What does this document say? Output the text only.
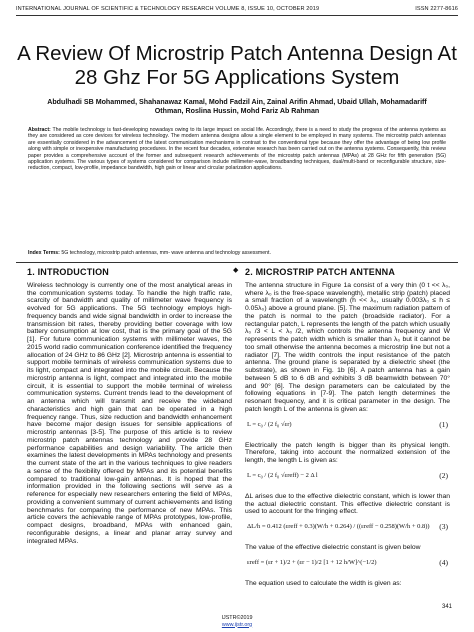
INTERNATIONAL JOURNAL OF SCIENTIFIC & TECHNOLOGY RESEARCH VOLUME 8, ISSUE 10, OCTOBER 2019	ISSN 2277-8616
A Review Of Microstrip Patch Antenna Design At
28 Ghz For 5G Applications System
Abdulhadi SB Mohammed, Shahanawaz Kamal, Mohd Fadzil Ain, Zainal Arifin Ahmad, Ubaid Ullah, Mohamadariff
Othman, Roslina Hussin, Mohd Fariz Ab Rahman
Abstract: The mobile technology is fast-developing nowadays owing to its large impact on social life. Accordingly, there is a need to study the progress of the antenna systems as they are considered as core devices for wireless technology. The modern antenna designs allow a single element to be employed in many systems. The microstrip patch antennas are essentially considered in the advancement of the latest communication mechanisms in contrast to the conventional type because they offer the advantage of being low profile along with simple or inexpensive manufacturing procedures. In the recent four decades, extensive research has been carried out on the antenna systems. Consequently, this review paper provides a comprehensive account of the former and subsequent research achievements of the microstrip patch antennas (MPAs) at 28 GHz for fifth generation (5G) application systems. The various types of systems considered for comparison include millimeter-wave, broadbanding techniques, dual/multi-band or reconfigurable structure, size-reduction, compact, low-profile, impedance bandwidth, high gain or linear and circular polarization applications.
Index Terms: 5G technology, microstrip patch antennas, mm- wave antenna and technology assessment.
◆
1. INTRODUCTION

Wireless technology is currently one of the most analytical areas in the communication systems today. To handle the high traffic rate, scarcity of bandwidth and quality of millimeter wave frequency is evolved for 5G applications. The 5G technology employs high-frequency bands and wide signal bandwidth in order to increase the transmission bit rates, thereby providing better coverage with low battery consumption at low cost, that is the primary goal of the 5G [1]. For future communication systems with millimeter waves, the 2015 world radio communication conference identified the frequency allocation of 24 GHz to 86 GHz [2]. Microstrip antenna is essential to support mobile terminals of wireless communication systems due to its light, compact and integrated into the mobile circuit. Because the microstrip antenna is light, compact and integrated into the mobile circuit, it is essential to support the mobile terminal of wireless communication systems. Current trends lead to the development of an antenna which will transmit and receive the wideband characteristics and high gain that can be operated in a high frequency range. Thus, size reduction and bandwidth enhancement have become major design issues for sensible applications of microstrip antennas [3-5]. The purpose of this article is to review microstrip patch antennas technology and provide 28 GHz performance capabilities and design variability. The article then examines the latest developments in MPAs technology and presents the current state of the art in the various techniques to give readers a sense of the flexibility offered by MPAs and its potential benefits compared to traditional low-gain antennas. It is hoped that the information provided in the following sections will serve as a reference for especially new researchers entering the field of MPAs, providing a convenient summary of current achievements and listing benchmarks for comparing the performance of new MPAs. This article covers the achievable range of MPAs prototypes, low-profile, compact designs, broadband, MPAs with enhanced gain, reconfigurable designs, a linear and planar array survey and integrated MPAs.

2. MICROSTRIP PATCH ANTENNA

The antenna structure in Figure 1a consist of a very thin (0 t << λ₀, where λ₀ is the free-space wavelength), metallic strip (patch) placed a small fraction of a wavelength (h << λ₀, usually 0.003λ₀ ≤ h ≤ 0.05λ₀) above a ground plane. [5]. The maximum radiation pattern of the patch is normal to the patch (broadside radiator). For a rectangular patch, L represents the length of the patch which usually λ₀ /3 < L < λ₀ /2, which controls the antenna frequency and W represents the patch width which is smaller than λ₀ but it cannot be too small otherwise the antenna becomes a microstrip line but not a radiator [7]. The width controls the input resistance of the patch antenna. The ground plane is separated by a dielectric sheet (the substrate), as shown in Fig. 1b [6]. A patch antenna has a gain between 5 dB to 6 dB and exhibits 3 dB beamwidth between 70° and 90° [6]. The design parameters can be calculated by the following equations in [7-9]. The patch length determines the resonant frequency, and it is critical parameter in the design. The patch length L of the antenna is given as:

L = c₀ / (2 f₀ √εr)	(1)

Electrically the patch length is bigger than its physical length. Therefore, taking into account the normalized extension of the length, the length L is given as:

L = c₀ / (2 f₀ √εreff) − 2 Δ l	(2)

ΔL arises due to the effective dielectric constant, which is lower than the actual dielectric constant. This effective dielectric constant is used to account for the fringing effect.

ΔL/h = 0.412 (εreff + 0.3)(W/h + 0.264) / ((εreff − 0.258)(W/h + 0.8)) (3)

The value of the effective dielectric constant is given below

εreff = (εr + 1)/2 + (εr − 1)/2 [1 + 12 h/W]^(−1/2)	(4)

The equation used to calculate the width is given as:

341
IJSTR©2019
www.ijstr.org
